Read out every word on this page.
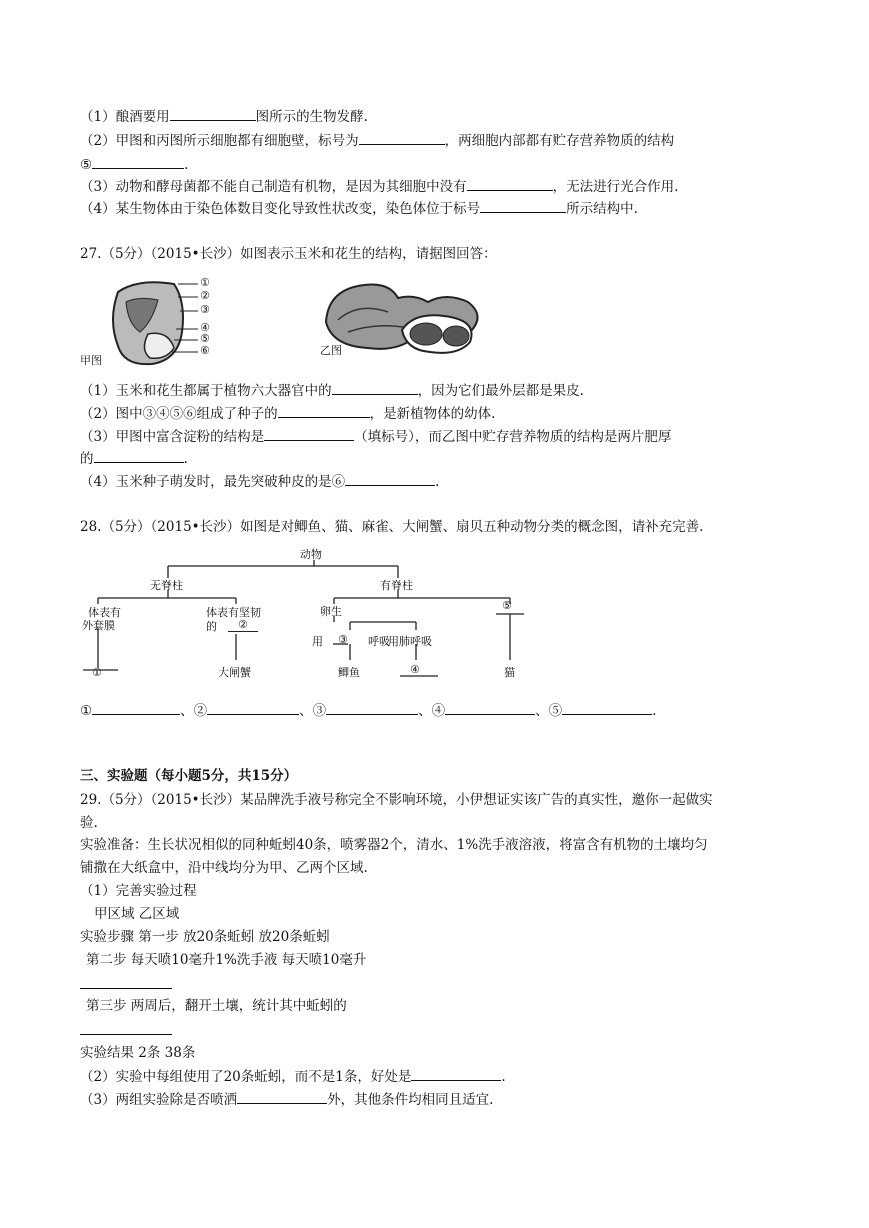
（1）酿酒要用	图所示的生物发酵.
（2）甲图和丙图所示细胞都有细胞壁，标号为	，两细胞内部都有贮存营养物质的结构
⑤	.
（3）动物和酵母菌都不能自己制造有机物，是因为其细胞中没有	，无法进行光合作用.
（4）某生物体由于染色体数目变化导致性状改变，染色体位于标号	所示结构中.
27.（5分）（2015•长沙）如图表示玉米和花生的结构，请据图回答：
甲图
①
②
③
④
⑤
⑥	乙图
（1）玉米和花生都属于植物六大器官中的	，因为它们最外层都是果皮.
（2）图中③④⑤⑥组成了种子的	，是新植物体的幼体.
（3）甲图中富含淀粉的结构是	（填标号），而乙图中贮存营养物质的结构是两片肥厚
的	.
（4）玉米种子萌发时，最先突破种皮的是⑥	.
28.（5分）（2015•长沙）如图是对鲫鱼、猫、麻雀、大闸蟹、扇贝五种动物分类的概念图，请补充完善.
动物
无脊柱	有脊柱
体表有
外套膜
体表有坚韧
的	②
卵生	⑤
用 ③ 呼吸
用肺呼吸
①	大闸蟹	鲫鱼	④	猫
①	、②	、③	、④	、⑤	.
三、实验题（每小题5分，共15分）
29.（5分）（2015•长沙）某品牌洗手液号称完全不影响环境，小伊想证实该广告的真实性，邀你一起做实
验.
实验准备：生长状况相似的同种蚯蚓40条，喷雾器2个，清水、1%洗手液溶液，将富含有机物的土壤均匀
铺撒在大纸盒中，沿中线均分为甲、乙两个区域.
（1）完善实验过程
甲区域 乙区域
实验步骤 第一步 放20条蚯蚓 放20条蚯蚓
第二步 每天喷10毫升1%洗手液 每天喷10毫升
第三步 两周后，翻开土壤，统计其中蚯蚓的
实验结果 2条 38条
（2）实验中每组使用了20条蚯蚓，而不是1条，好处是	.
（3）两组实验除是否喷洒	外，其他条件均相同且适宜.
